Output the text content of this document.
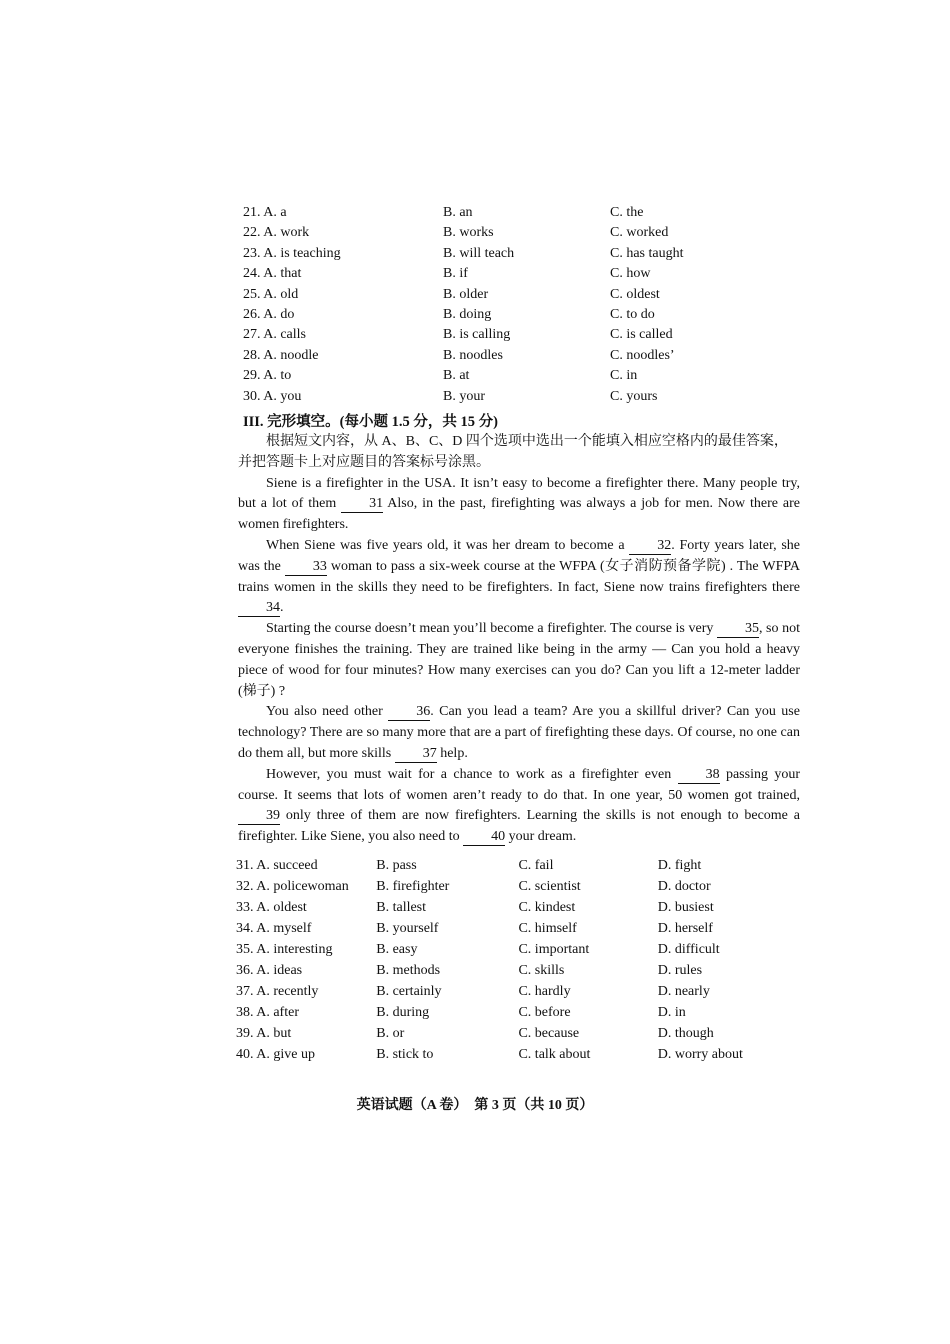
21. A. a	B. an	C. the
22. A. work	B. works	C. worked
23. A. is teaching	B. will teach	C. has taught
24. A. that	B. if	C. how
25. A. old	B. older	C. oldest
26. A. do	B. doing	C. to do
27. A. calls	B. is calling	C. is called
28. A. noodle	B. noodles	C. noodles’
29. A. to	B. at	C. in
30. A. you	B. your	C. yours
III. 完形填空。(每小题 1.5 分，共 15 分)

根据短文内容，从 A、B、C、D 四个选项中选出一个能填入相应空格内的最佳答案，

并把答题卡上对应题目的答案标号涂黑。

Siene is a firefighter in the USA. It isn’t easy to become a firefighter there. Many people try, but a lot of them 31 Also, in the past, firefighting was always a job for men. Now there are women firefighters.

When Siene was five years old, it was her dream to become a 32. Forty years later, she was the 33 woman to pass a six-week course at the WFPA (女子消防预备学院) . The WFPA trains women in the skills they need to be firefighters. In fact, Siene now trains firefighters there 34.

Starting the course doesn’t mean you’ll become a firefighter. The course is very 35, so not everyone finishes the training. They are trained like being in the army — Can you hold a heavy piece of wood for four minutes? How many exercises can you do? Can you lift a 12-meter ladder (梯子) ?

You also need other 36. Can you lead a team? Are you a skillful driver? Can you use technology? There are so many more that are a part of firefighting these days. Of course, no one can do them all, but more skills 37 help.

However, you must wait for a chance to work as a firefighter even 38 passing your course. It seems that lots of women aren’t ready to do that. In one year, 50 women got trained, 39 only three of them are now firefighters. Learning the skills is not enough to become a firefighter. Like Siene, you also need to 40 your dream.

31. A. succeed	B. pass	C. fail	D. fight
32. A. policewoman	B. firefighter	C. scientist	D. doctor
33. A. oldest	B. tallest	C. kindest	D. busiest
34. A. myself	B. yourself	C. himself	D. herself
35. A. interesting	B. easy	C. important	D. difficult
36. A. ideas	B. methods	C. skills	D. rules
37. A. recently	B. certainly	C. hardly	D. nearly
38. A. after	B. during	C. before	D. in
39. A. but	B. or	C. because	D. though
40. A. give up	B. stick to	C. talk about	D. worry about
英语试题（A 卷）　第 3 页（共 10 页）
